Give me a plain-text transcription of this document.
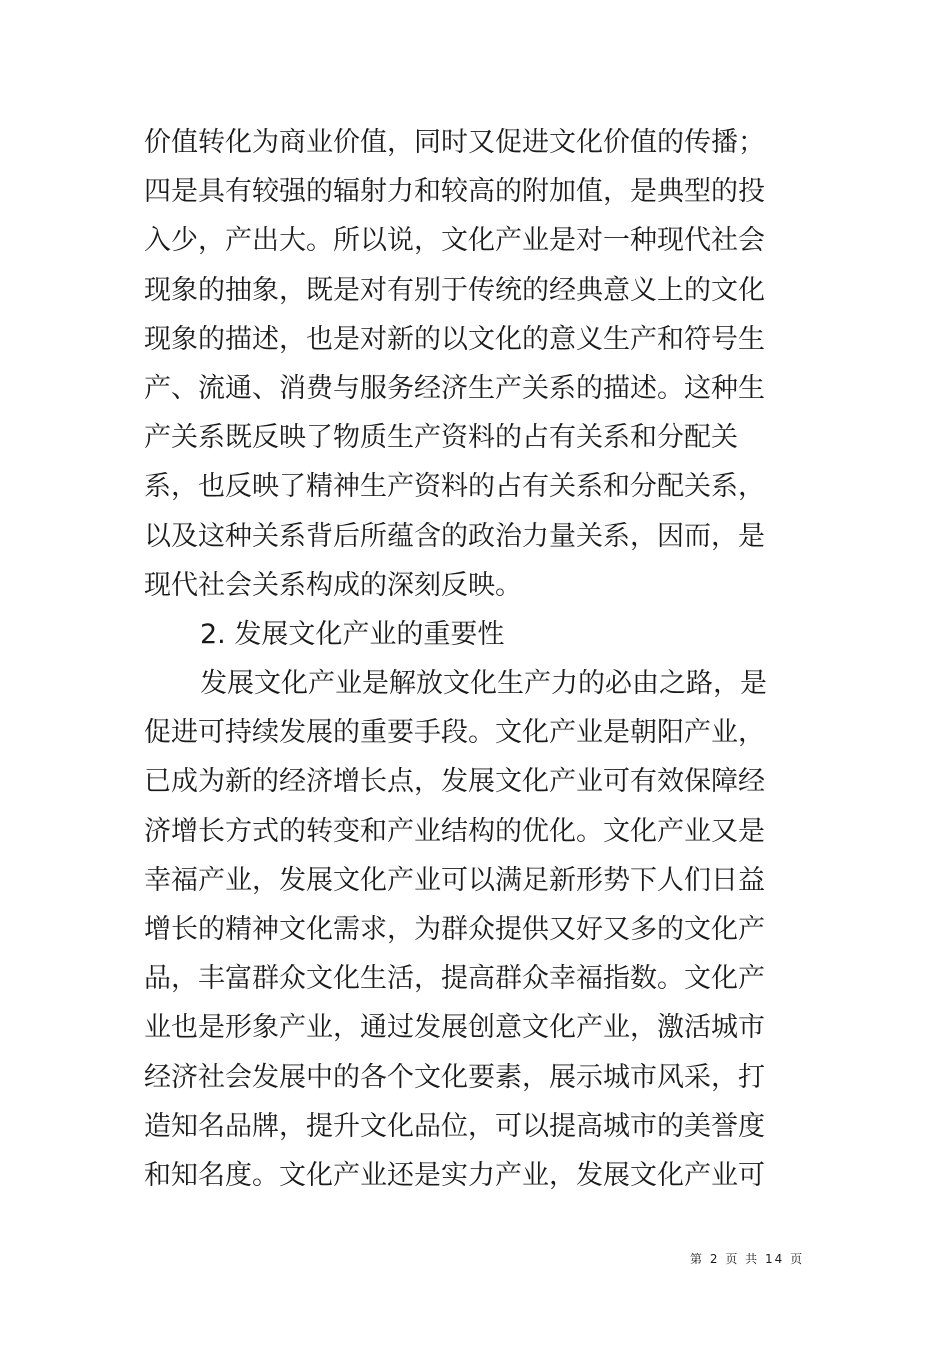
价值转化为商业价值，同时又促进文化价值的传播；
四是具有较强的辐射力和较高的附加值，是典型的投
入少，产出大。所以说，文化产业是对一种现代社会
现象的抽象，既是对有别于传统的经典意义上的文化
现象的描述，也是对新的以文化的意义生产和符号生
产、流通、消费与服务经济生产关系的描述。这种生
产关系既反映了物质生产资料的占有关系和分配关
系，也反映了精神生产资料的占有关系和分配关系，
以及这种关系背后所蕴含的政治力量关系，因而，是
现代社会关系构成的深刻反映。
2. 发展文化产业的重要性
发展文化产业是解放文化生产力的必由之路，是
促进可持续发展的重要手段。文化产业是朝阳产业，
已成为新的经济增长点，发展文化产业可有效保障经
济增长方式的转变和产业结构的优化。文化产业又是
幸福产业，发展文化产业可以满足新形势下人们日益
增长的精神文化需求，为群众提供又好又多的文化产
品，丰富群众文化生活，提高群众幸福指数。文化产
业也是形象产业，通过发展创意文化产业，激活城市
经济社会发展中的各个文化要素，展示城市风采，打
造知名品牌，提升文化品位，可以提高城市的美誉度
和知名度。文化产业还是实力产业，发展文化产业可
第 2 页 共 14 页
